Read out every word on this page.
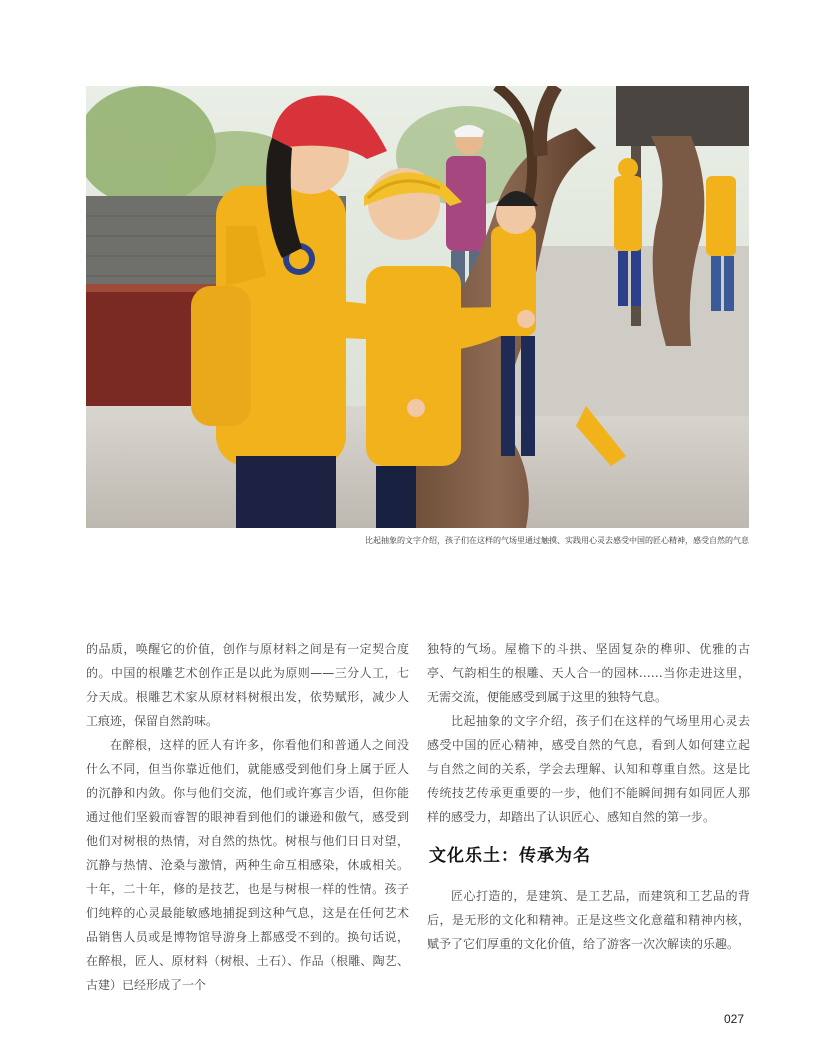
比起抽象的文字介绍，孩子们在这样的气场里通过触摸、实践用心灵去感受中国的匠心精神，感受自然的气息

的品质，唤醒它的价值，创作与原材料之间是有一定契合度的。中国的根雕艺术创作正是以此为原则——三分人工，七分天成。根雕艺术家从原材料树根出发，依势赋形，减少人工痕迹，保留自然韵味。

在醉根，这样的匠人有许多，你看他们和普通人之间没什么不同，但当你靠近他们，就能感受到他们身上属于匠人的沉静和内敛。你与他们交流，他们或许寡言少语，但你能通过他们坚毅而睿智的眼神看到他们的谦逊和傲气，感受到他们对树根的热情，对自然的热忱。树根与他们日日对望，沉静与热情、沧桑与激情，两种生命互相感染，休戚相关。十年，二十年，修的是技艺，也是与树根一样的性情。孩子们纯粹的心灵最能敏感地捕捉到这种气息，这是在任何艺术品销售人员或是博物馆导游身上都感受不到的。换句话说，在醉根，匠人、原材料（树根、土石）、作品（根雕、陶艺、古建）已经形成了一个

独特的气场。屋檐下的斗拱、坚固复杂的榫卯、优雅的古亭、气韵相生的根雕、天人合一的园林……当你走进这里，无需交流，便能感受到属于这里的独特气息。

比起抽象的文字介绍，孩子们在这样的气场里用心灵去感受中国的匠心精神，感受自然的气息，看到人如何建立起与自然之间的关系，学会去理解、认知和尊重自然。这是比传统技艺传承更重要的一步，他们不能瞬间拥有如同匠人那样的感受力，却踏出了认识匠心、感知自然的第一步。

文化乐土：传承为名

匠心打造的，是建筑、是工艺品，而建筑和工艺品的背后，是无形的文化和精神。正是这些文化意蕴和精神内核，赋予了它们厚重的文化价值，给了游客一次次解读的乐趣。

027
